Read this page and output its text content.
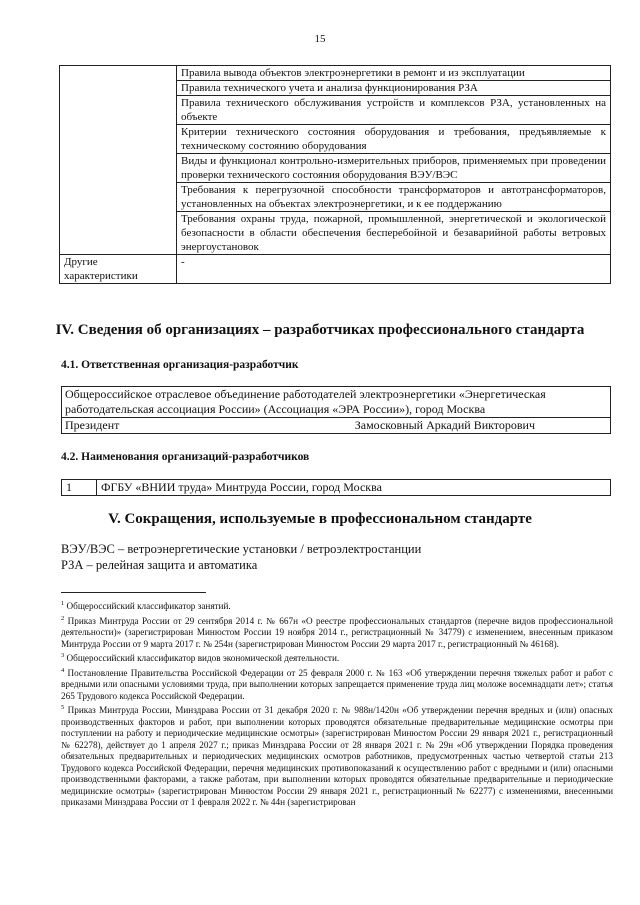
15
	Правила вывода объектов электроэнергетики в ремонт и из эксплуатации
	Правила технического учета и анализа функционирования РЗА
	Правила технического обслуживания устройств и комплексов РЗА, установленных на объекте
	Критерии технического состояния оборудования и требования, предъявляемые к техническому состоянию оборудования
	Виды и функционал контрольно-измерительных приборов, применяемых при проведении проверки технического состояния оборудования ВЭУ/ВЭС
	Требования к перегрузочной способности трансформаторов и автотрансформаторов, установленных на объектах электроэнергетики, и к ее поддержанию
	Требования охраны труда, пожарной, промышленной, энергетической и экологической безопасности в области обеспечения бесперебойной и безаварийной работы ветровых энергоустановок
Другие характеристики	-
IV. Сведения об организациях – разработчиках профессионального стандарта
4.1. Ответственная организация-разработчик
Общероссийское отраслевое объединение работодателей электроэнергетики «Энергетическая работодательская ассоциация России» (Ассоциация «ЭРА России»), город Москва

Президент	Замосковный Аркадий Викторович
4.2. Наименования организаций-разработчиков
1	ФГБУ «ВНИИ труда» Минтруда России, город Москва
V. Сокращения, используемые в профессиональном стандарте
ВЭУ/ВЭС – ветроэнергетические установки / ветроэлектростанции
РЗА – релейная защита и автоматика

$^1$ Общероссийский классификатор занятий.

$^2$ Приказ Минтруда России от 29 сентября 2014 г. № 667н «О реестре профессиональных стандартов (перечне видов профессиональной деятельности)» (зарегистрирован Минюстом России 19 ноября 2014 г., регистрационный № 34779) с изменением, внесенным приказом Минтруда России от 9 марта 2017 г. № 254н (зарегистрирован Минюстом России 29 марта 2017 г., регистрационный № 46168).

$^3$ Общероссийский классификатор видов экономической деятельности.

$^4$ Постановление Правительства Российской Федерации от 25 февраля 2000 г. № 163 «Об утверждении перечня тяжелых работ и работ с вредными или опасными условиями труда, при выполнении которых запрещается применение труда лиц моложе восемнадцати лет»; статья 265 Трудового кодекса Российской Федерации.

$^5$ Приказ Минтруда России, Минздрава России от 31 декабря 2020 г. № 988н/1420н «Об утверждении перечня вредных и (или) опасных производственных факторов и работ, при выполнении которых проводятся обязательные предварительные медицинские осмотры при поступлении на работу и периодические медицинские осмотры» (зарегистрирован Минюстом России 29 января 2021 г., регистрационный № 62278), действует до 1 апреля 2027 г.; приказ Минздрава России от 28 января 2021 г. № 29н «Об утверждении Порядка проведения обязательных предварительных и периодических медицинских осмотров работников, предусмотренных частью четвертой статьи 213 Трудового кодекса Российской Федерации, перечня медицинских противопоказаний к осуществлению работ с вредными и (или) опасными производственными факторами, а также работам, при выполнении которых проводятся обязательные предварительные и периодические медицинские осмотры» (зарегистрирован Минюстом России 29 января 2021 г., регистрационный № 62277) с изменениями, внесенными приказами Минздрава России от 1 февраля 2022 г. № 44н (зарегистрирован
